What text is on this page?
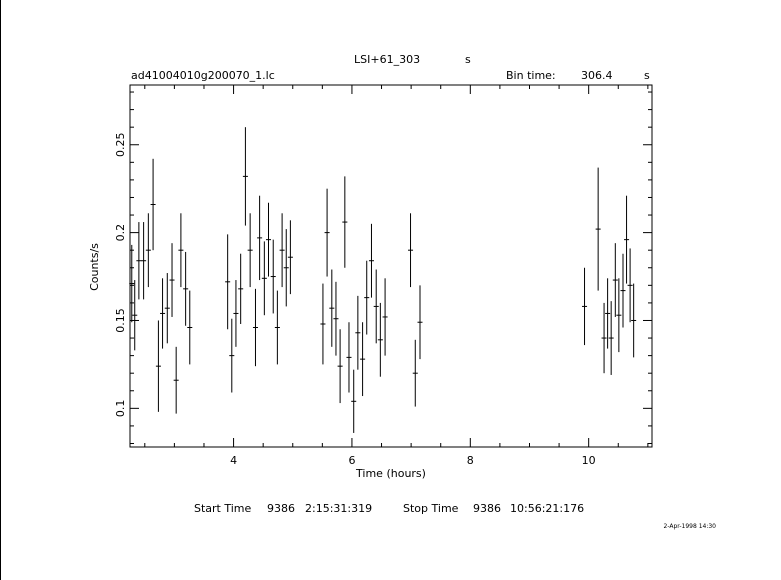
LSI+61_303	s
ad41004010g200070_1.lc	Bin time: 306.4	s
4	6	8	10
0.1
0.15
0.2
0.25
Time (hours)
Counts/s
Start Time 9386 2:15:31:319	Stop Time 9386 10:56:21:176
2-Apr-1998 14:30
